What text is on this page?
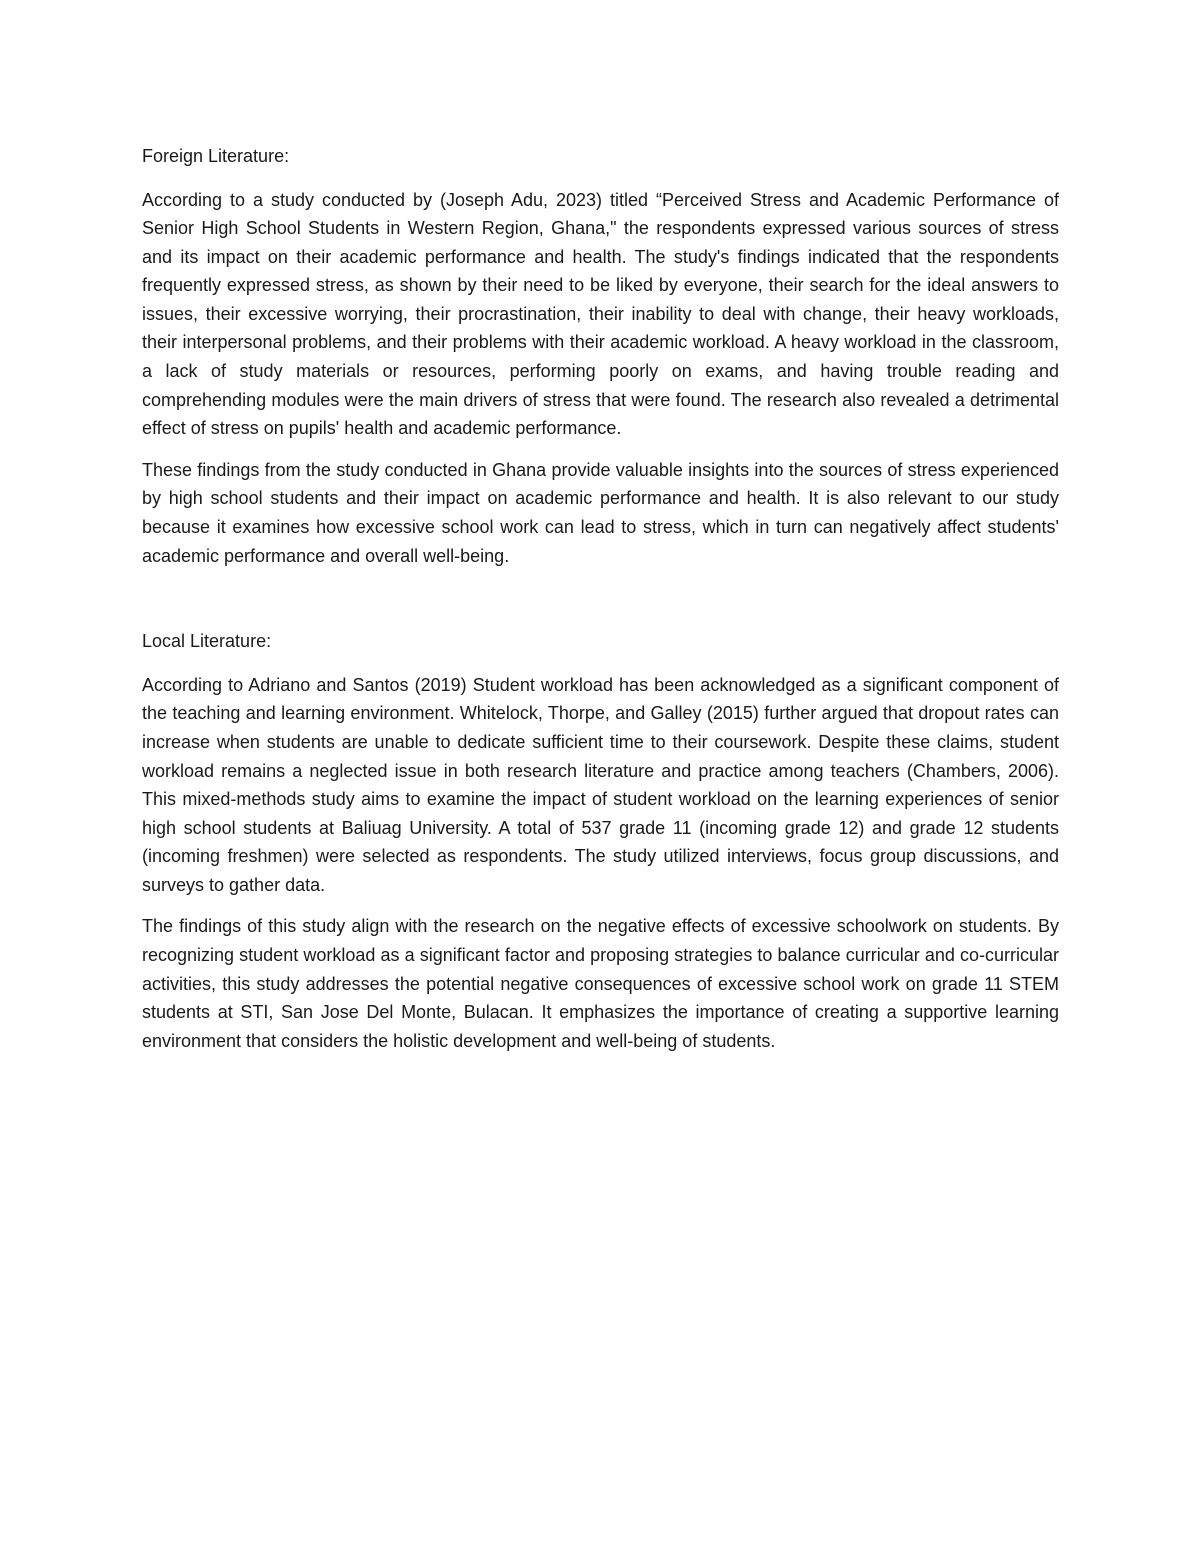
Foreign Literature:

According to a study conducted by (Joseph Adu, 2023) titled “Perceived Stress and Academic Performance of Senior High School Students in Western Region, Ghana," the respondents expressed various sources of stress and its impact on their academic performance and health. The study's findings indicated that the respondents frequently expressed stress, as shown by their need to be liked by everyone, their search for the ideal answers to issues, their excessive worrying, their procrastination, their inability to deal with change, their heavy workloads, their interpersonal problems, and their problems with their academic workload. A heavy workload in the classroom, a lack of study materials or resources, performing poorly on exams, and having trouble reading and comprehending modules were the main drivers of stress that were found. The research also revealed a detrimental effect of stress on pupils' health and academic performance.

These findings from the study conducted in Ghana provide valuable insights into the sources of stress experienced by high school students and their impact on academic performance and health. It is also relevant to our study because it examines how excessive school work can lead to stress, which in turn can negatively affect students' academic performance and overall well-being.

Local Literature:

According to Adriano and Santos (2019) Student workload has been acknowledged as a significant component of the teaching and learning environment. Whitelock, Thorpe, and Galley (2015) further argued that dropout rates can increase when students are unable to dedicate sufficient time to their coursework. Despite these claims, student workload remains a neglected issue in both research literature and practice among teachers (Chambers, 2006). This mixed-methods study aims to examine the impact of student workload on the learning experiences of senior high school students at Baliuag University. A total of 537 grade 11 (incoming grade 12) and grade 12 students (incoming freshmen) were selected as respondents. The study utilized interviews, focus group discussions, and surveys to gather data.

The findings of this study align with the research on the negative effects of excessive schoolwork on students. By recognizing student workload as a significant factor and proposing strategies to balance curricular and co-curricular activities, this study addresses the potential negative consequences of excessive school work on grade 11 STEM students at STI, San Jose Del Monte, Bulacan. It emphasizes the importance of creating a supportive learning environment that considers the holistic development and well-being of students.
